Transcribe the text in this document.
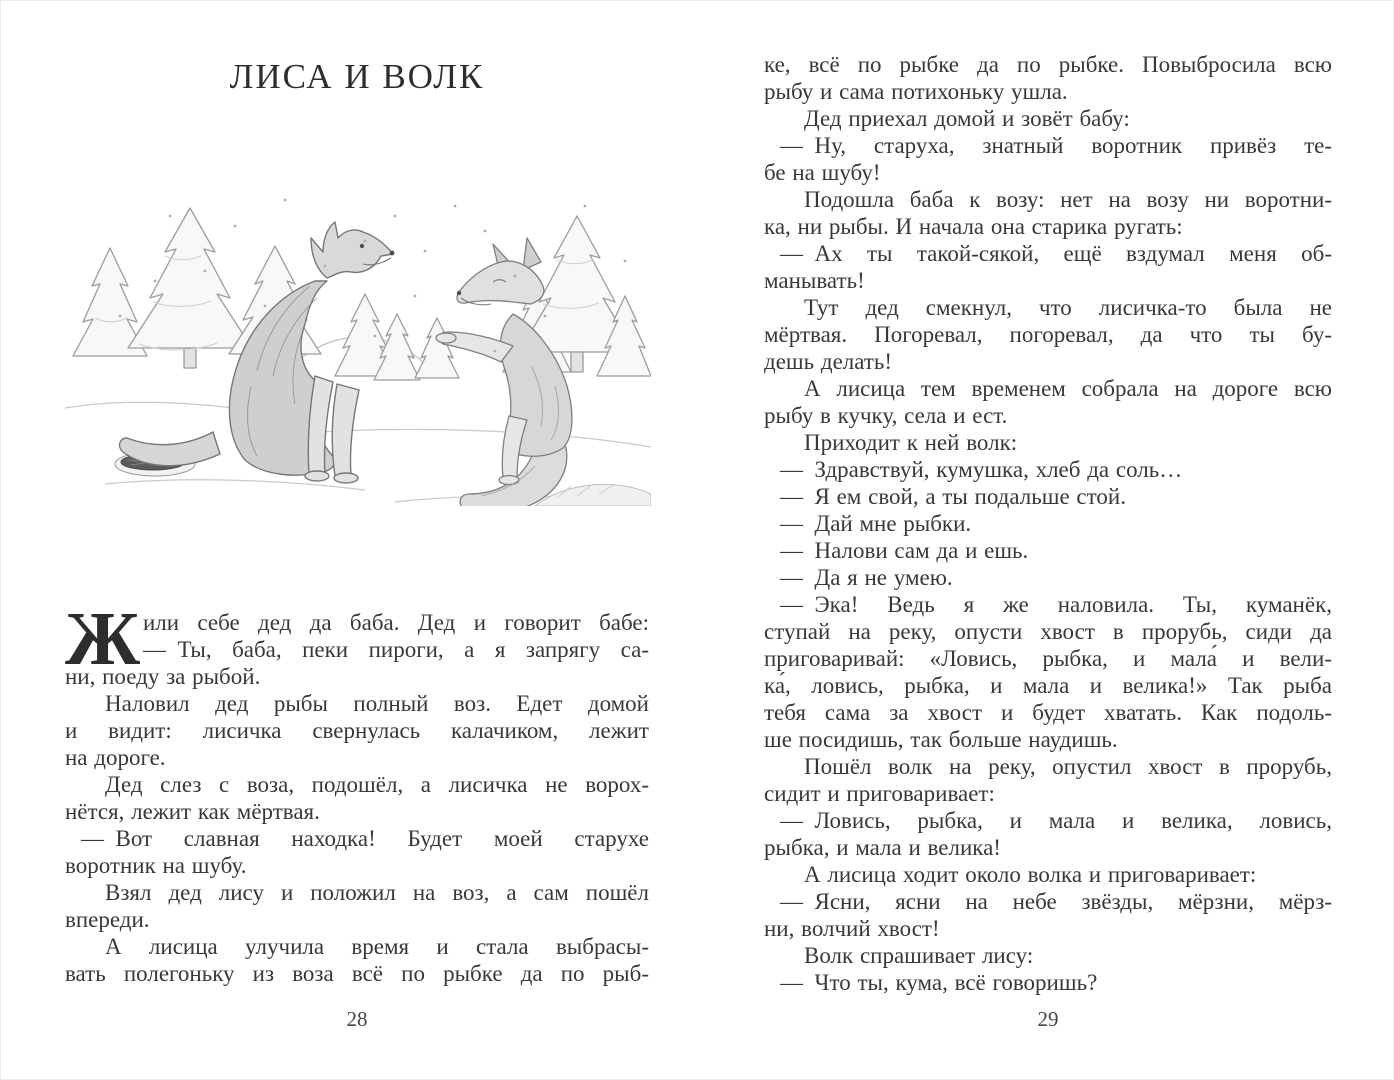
ЛИСА И ВОЛК
Ж или себе дед да баба. Дед и говорит бабе:
— Ты, баба, пеки пироги, а я запрягу са-
ни, поеду за рыбой.
Наловил дед рыбы полный воз. Едет домой
и видит: лисичка свернулась калачиком, лежит
на дороге.
Дед слез с воза, подошёл, а лисичка не ворох-
нётся, лежит как мёртвая.
— Вот славная находка! Будет моей старухе
воротник на шубу.
Взял дед лису и положил на воз, а сам пошёл
впереди.
А лисица улучила время и стала выбрасы-
вать полегоньку из воза всё по рыбке да по рыб-
28
ке, всё по рыбке да по рыбке. Повыбросила всю
рыбу и сама потихоньку ушла.
Дед приехал домой и зовёт бабу:
— Ну, старуха, знатный воротник привёз те-
бе на шубу!
Подошла баба к возу: нет на возу ни воротни-
ка, ни рыбы. И начала она старика ругать:
— Ах ты такой-сякой, ещё вздумал меня об-
манывать!
Тут дед смекнул, что лисичка-то была не
мёртвая. Погоревал, погоревал, да что ты бу-
дешь делать!
А лисица тем временем собрала на дороге всю
рыбу в кучку, села и ест.
Приходит к ней волк:
— Здравствуй, кумушка, хлеб да соль…
— Я ем свой, а ты подальше стой.
— Дай мне рыбки.
— Налови сам да и ешь.
— Да я не умею.
— Эка! Ведь я же наловила. Ты, куманёк,
ступай на реку, опусти хвост в прорубь, сиди да
приговаривай: «Ловись, рыбка, и мала́ и вели-
ка́, ловись, рыбка, и мала и велика!» Так рыба
тебя сама за хвост и будет хватать. Как подоль-
ше посидишь, так больше наудишь.
Пошёл волк на реку, опустил хвост в прорубь,
сидит и приговаривает:
— Ловись, рыбка, и мала и велика, ловись,
рыбка, и мала и велика!
А лисица ходит около волка и приговаривает:
— Ясни, ясни на небе звёзды, мёрзни, мёрз-
ни, волчий хвост!
Волк спрашивает лису:
— Что ты, кума, всё говоришь?
29
